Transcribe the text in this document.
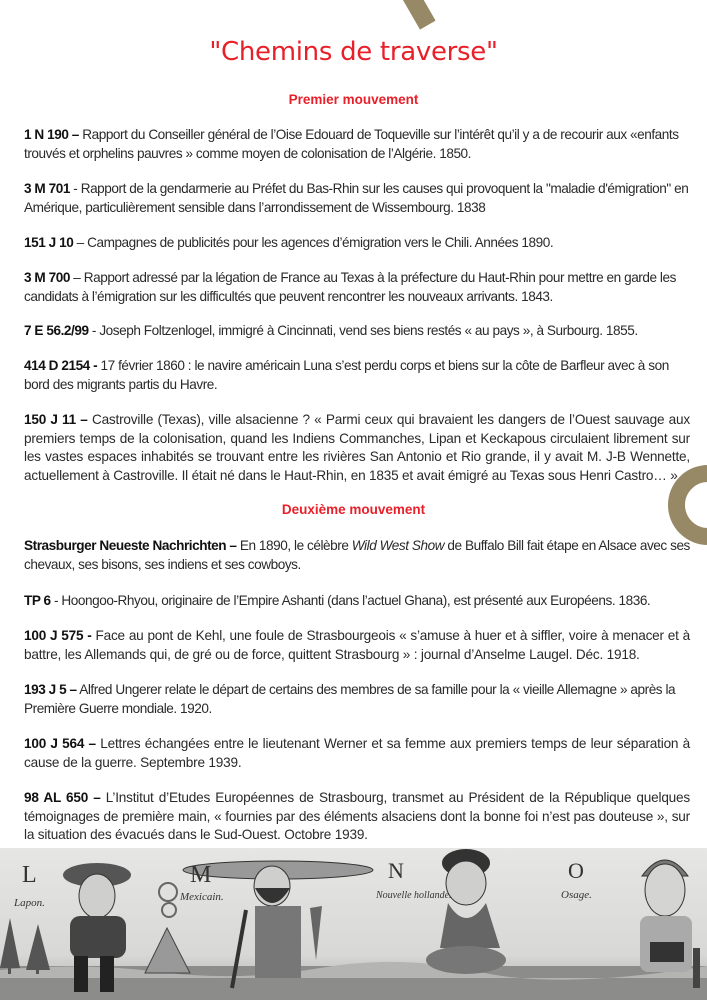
"Chemins de traverse"
Premier mouvement

1 N 190 – Rapport du Conseiller général de l’Oise Edouard de Toqueville sur l’intérêt qu’il y a de recourir aux «enfants trouvés et orphelins pauvres » comme moyen de colonisation de l’Algérie. 1850.

3 M 701 - Rapport de la gendarmerie au Préfet du Bas-Rhin sur les causes qui provoquent la "maladie d'émigration" en Amérique, particulièrement sensible dans l’arrondissement de Wissembourg. 1838

151 J 10 – Campagnes de publicités pour les agences d’émigration vers le Chili. Années 1890.

3 M 700 – Rapport adressé par la légation de France au Texas à la préfecture du Haut-Rhin pour mettre en garde les candidats à l’émigration sur les difficultés que peuvent rencontrer les nouveaux arrivants. 1843.

7 E 56.2/99 - Joseph Foltzenlogel, immigré à Cincinnati, vend ses biens restés « au pays », à Surbourg. 1855.

414 D 2154 - 17 février 1860 : le navire américain Luna s’est perdu corps et biens sur la côte de Barfleur avec à son bord des migrants partis du Havre.

150 J 11 – Castroville (Texas), ville alsacienne ? « Parmi ceux qui bravaient les dangers de l’Ouest sauvage aux premiers temps de la colonisation, quand les Indiens Commanches, Lipan et Keckapous circulaient librement sur les vastes espaces inhabités se trouvant entre les rivières San Antonio et Rio grande, il y avait M. J-B Wennette, actuellement à Castroville. Il était né dans le Haut-Rhin, en 1835 et avait émigré au Texas sous Henri Castro… »

Deuxième mouvement

Strasburger Neueste Nachrichten – En 1890, le célèbre Wild West Show de Buffalo Bill fait étape en Alsace avec ses chevaux, ses bisons, ses indiens et ses cowboys.

TP 6 - Hoongoo-Rhyou, originaire de l’Empire Ashanti (dans l’actuel Ghana), est présenté aux Européens. 1836.

100 J 575 - Face au pont de Kehl, une foule de Strasbourgeois « s’amuse à huer et à siffler, voire à menacer et à battre, les Allemands qui, de gré ou de force, quittent Strasbourg » : journal d’Anselme Laugel. Déc. 1918.

193 J 5 – Alfred Ungerer relate le départ de certains des membres de sa famille pour la « vieille Allemagne » après la Première Guerre mondiale. 1920.

100 J 564 – Lettres échangées entre le lieutenant Werner et sa femme aux premiers temps de leur séparation à cause de la guerre. Septembre 1939.

98 AL 650 – L’Institut d’Etudes Européennes de Strasbourg, transmet au Président de la République quelques témoignages de première main, « fournies par des éléments alsaciens dont la bonne foi n’est pas douteuse », sur la situation des évacués dans le Sud-Ouest. Octobre 1939.

L
Lapon.
M
Mexicain.
N
Nouvelle hollande.
O
Osage.
